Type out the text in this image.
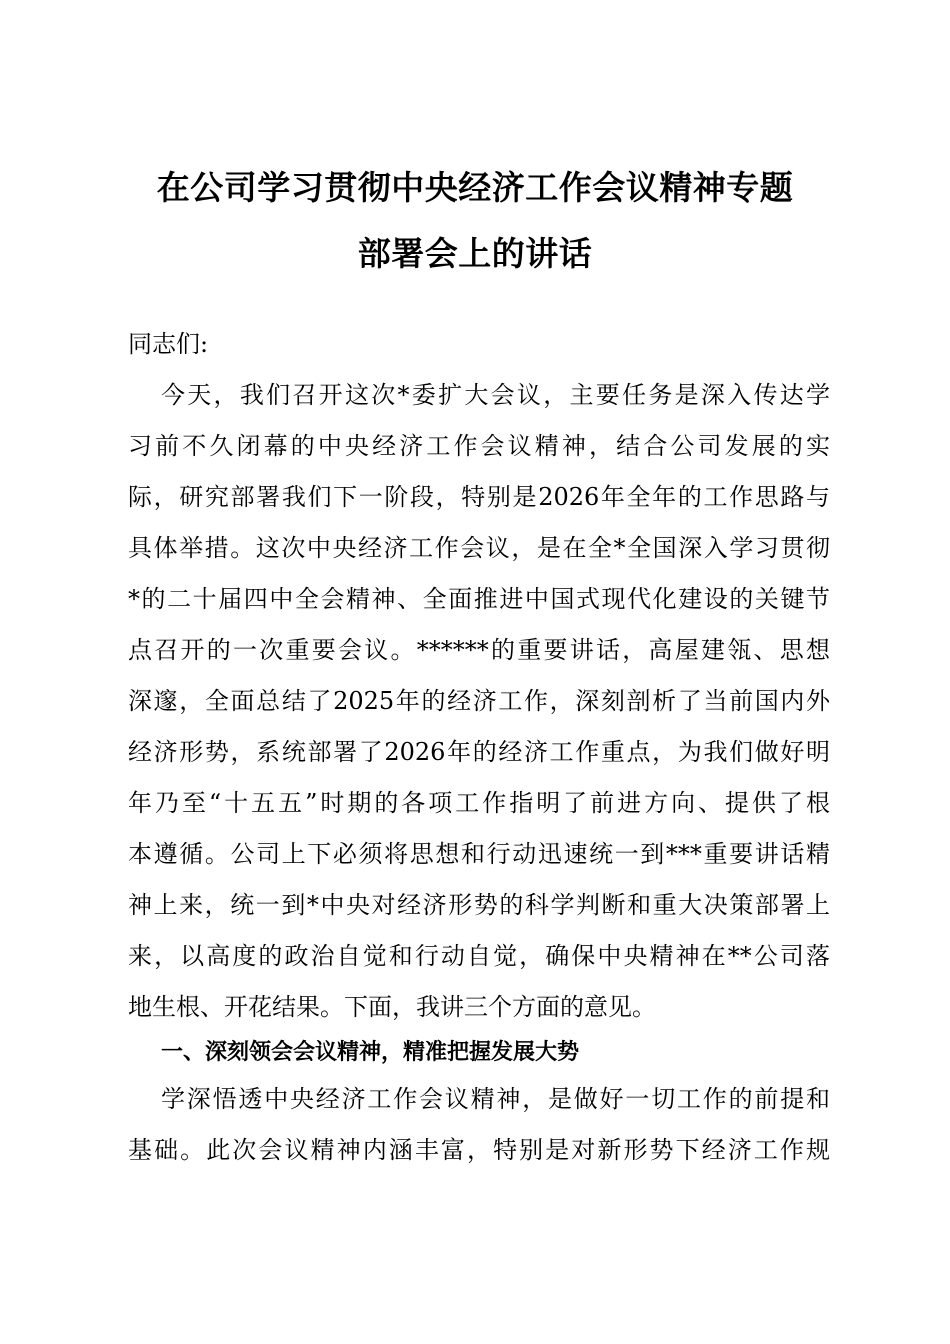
在公司学习贯彻中央经济工作会议精神专题
部署会上的讲话

同志们:

今天，我们召开这次*委扩大会议，主要任务是深入传达学

习前不久闭幕的中央经济工作会议精神，结合公司发展的实

际，研究部署我们下一阶段，特别是2026年全年的工作思路与

具体举措。这次中央经济工作会议，是在全*全国深入学习贯彻

*的二十届四中全会精神、全面推进中国式现代化建设的关键节

点召开的一次重要会议。******的重要讲话，高屋建瓴、思想

深邃，全面总结了2025年的经济工作，深刻剖析了当前国内外

经济形势，系统部署了2026年的经济工作重点，为我们做好明

年乃至“十五五”时期的各项工作指明了前进方向、提供了根

本遵循。公司上下必须将思想和行动迅速统一到***重要讲话精

神上来，统一到*中央对经济形势的科学判断和重大决策部署上

来，以高度的政治自觉和行动自觉，确保中央精神在**公司落

地生根、开花结果。下面，我讲三个方面的意见。

一、深刻领会会议精神，精准把握发展大势

学深悟透中央经济工作会议精神，是做好一切工作的前提和

基础。此次会议精神内涵丰富，特别是对新形势下经济工作规
